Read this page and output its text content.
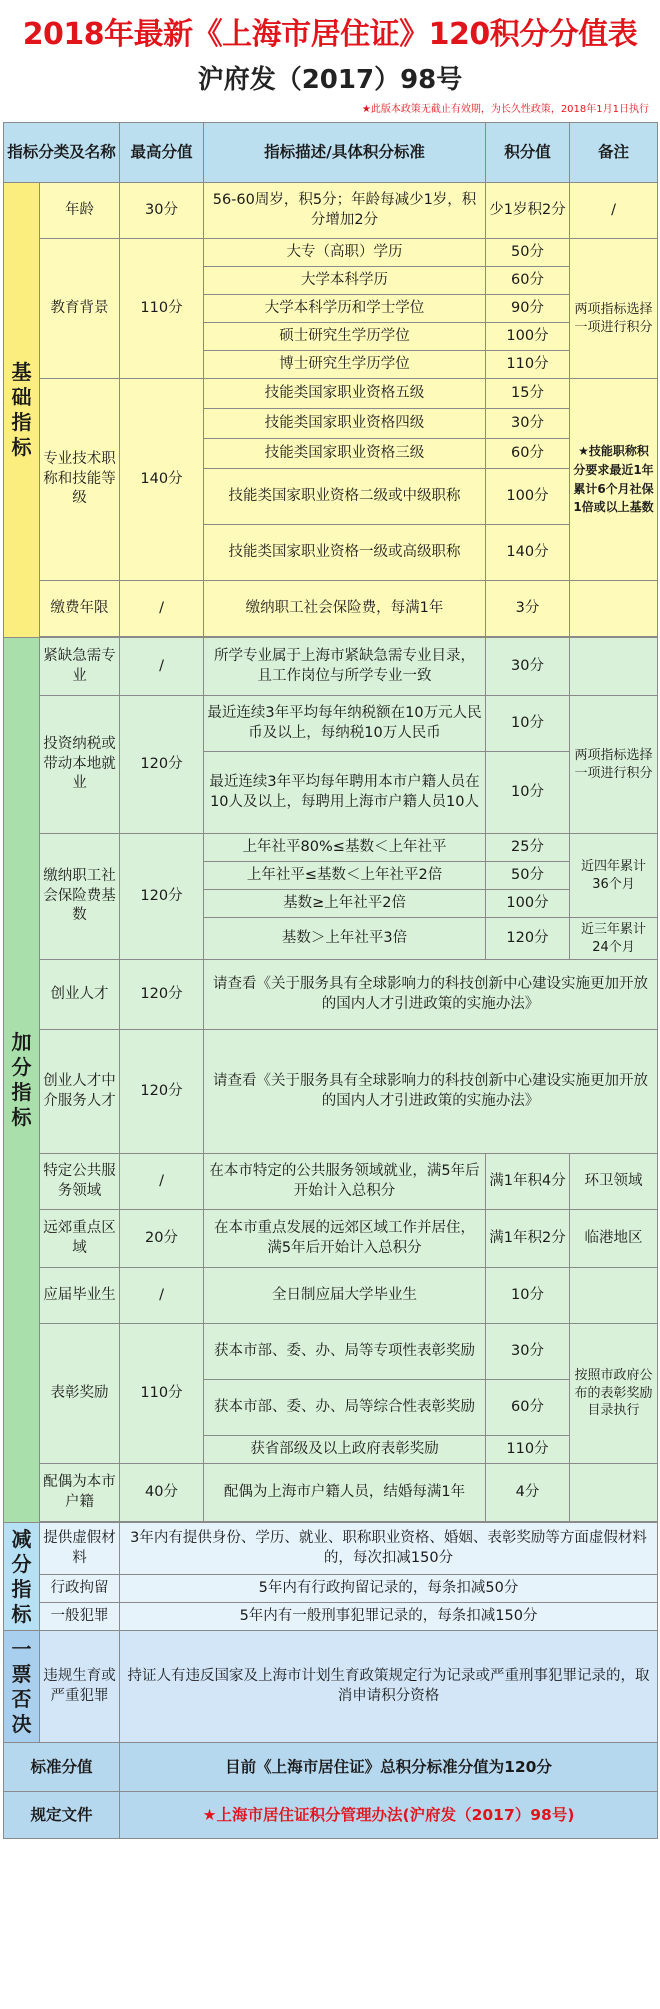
2018年最新《上海市居住证》120积分分值表
沪府发（2017）98号
★此版本政策无截止有效期，为长久性政策，2018年1月1日执行
指标分类及名称		最高分值	指标描述/具体积分标准	积分值	备注
基础指标	年龄	30分	56-60周岁，积5分；年龄每减少1岁，积分增加2分	少1岁积2分	/
	教育背景	110分	大专（高职）学历	50分	两项指标选择一项进行积分

			大学本科学历	60分	
			大学本科学历和学士学位	90分	
			硕士研究生学历学位	100分	
			博士研究生学历学位	110分	
	专业技术职称和技能等级	140分	技能类国家职业资格五级	15分	★技能职称积分要求最近1年累计6个月社保1倍或以上基数
			技能类国家职业资格四级	30分	
			技能类国家职业资格三级	60分	
			技能类国家职业资格二级或中级职称	100分	
			技能类国家职业资格一级或高级职称	140分	
	缴费年限	/	缴纳职工社会保险费，每满1年	3分	

加分指标	紧缺急需专业	/	所学专业属于上海市紧缺急需专业目录，且工作岗位与所学专业一致	30分	
	投资纳税或带动本地就业	120分	最近连续3年平均每年纳税额在10万元人民币及以上，每纳税10万人民币	10分	两项指标选择一项进行积分
			最近连续3年平均每年聘用本市户籍人员在10人及以上，每聘用上海市户籍人员10人	10分	
	缴纳职工社会保险费基数	120分	上年社平80%≤基数＜上年社平	25分	近四年累计36个月
			上年社平≤基数＜上年社平2倍	50分	
			基数≥上年社平2倍	100分	
			基数＞上年社平3倍	120分	近三年累计24个月
	创业人才	120分	请查看《关于服务具有全球影响力的科技创新中心建设实施更加开放的国内人才引进政策的实施办法》		
	创业人才中介服务人才	120分	请查看《关于服务具有全球影响力的科技创新中心建设实施更加开放的国内人才引进政策的实施办法》		
	特定公共服务领域	/	在本市特定的公共服务领域就业，满5年后开始计入总积分	满1年积4分	环卫领域
	远郊重点区域	20分	在本市重点发展的远郊区域工作并居住，满5年后开始计入总积分	满1年积2分	临港地区
	应届毕业生	/	全日制应届大学毕业生	10分	
	表彰奖励	110分	获本市部、委、办、局等专项性表彰奖励	30分	按照市政府公布的表彰奖励目录执行
			获本市部、委、办、局等综合性表彰奖励	60分	
			获省部级及以上政府表彰奖励	110分	
	配偶为本市户籍	40分	配偶为上海市户籍人员，结婚每满1年	4分	

减分指标	提供虚假材料	3年内有提供身份、学历、就业、职称职业资格、婚姻、表彰奖励等方面虚假材料的，每次扣减150分			
	行政拘留	5年内有行政拘留记录的，每条扣减50分			
	一般犯罪	5年内有一般刑事犯罪记录的，每条扣减150分			
一票否决	违规生育或严重犯罪	持证人有违反国家及上海市计划生育政策规定行为记录或严重刑事犯罪记录的，取消申请积分资格			
标准分值		目前《上海市居住证》总积分标准分值为120分			
规定文件		★上海市居住证积分管理办法(沪府发（2017）98号)			
